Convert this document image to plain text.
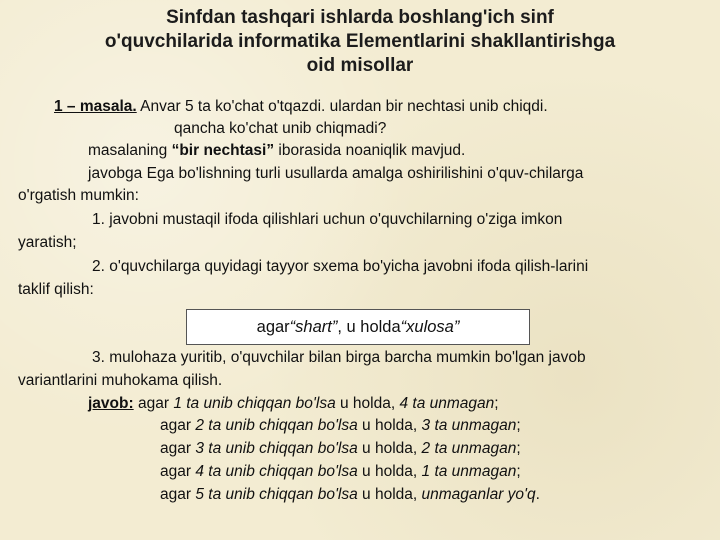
Sinfdan tashqari ishlarda boshlang'ich sinf
o'quvchilarida informatika Elementlarini shakllantirishga
oid misollar
1 – masala. Anvar 5 ta ko'chat o'tqazdi. ulardan bir nechtasi unib chiqdi.
qancha ko'chat unib chiqmadi?
masalaning “bir nechtasi” iborasida noaniqlik mavjud.
javobga Ega bo'lishning turli usullarda amalga oshirilishini o'quv-chilarga
o'rgatish mumkin:
1. javobni mustaqil ifoda qilishlari uchun o'quvchilarning o'ziga imkon
yaratish;
2. o'quvchilarga quyidagi tayyor sxema bo'yicha javobni ifoda qilish-larini
taklif qilish:
agar “shart” , u holda “xulosa”
3. mulohaza yuritib, o'quvchilar bilan birga barcha mumkin bo'lgan javob
variantlarini muhokama qilish.
javob: agar 1 ta unib chiqqan bo'lsa u holda, 4 ta unmagan;
agar 2 ta unib chiqqan bo'lsa u holda, 3 ta unmagan;
agar 3 ta unib chiqqan bo'lsa u holda, 2 ta unmagan;
agar 4 ta unib chiqqan bo'lsa u holda, 1 ta unmagan;
agar 5 ta unib chiqqan bo'lsa u holda, unmaganlar yo'q.
